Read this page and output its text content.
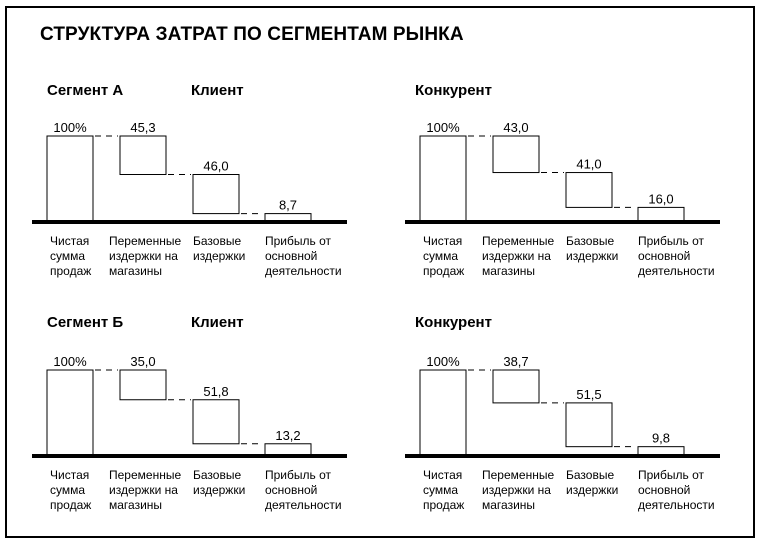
СТРУКТУРА ЗАТРАТ ПО СЕГМЕНТАМ РЫНКА
Сегмент А	Клиент	Конкурент
Сегмент Б	Клиент	Конкурент
100%	45,3
46,0
8,7
Чистая сумма продаж
Переменные издержки на магазины
Базовые издержки
Прибыль от основной деятельности
100%	43,0
41,0
16,0
Чистая сумма продаж
Переменные издержки на магазины
Базовые издержки
Прибыль от основной деятельности
100%	35,0
51,8
13,2
Чистая сумма продаж
Переменные издержки на магазины
Базовые издержки
Прибыль от основной деятельности
100%	38,7
51,5
9,8
Чистая сумма продаж
Переменные издержки на магазины
Базовые издержки
Прибыль от основной деятельности
